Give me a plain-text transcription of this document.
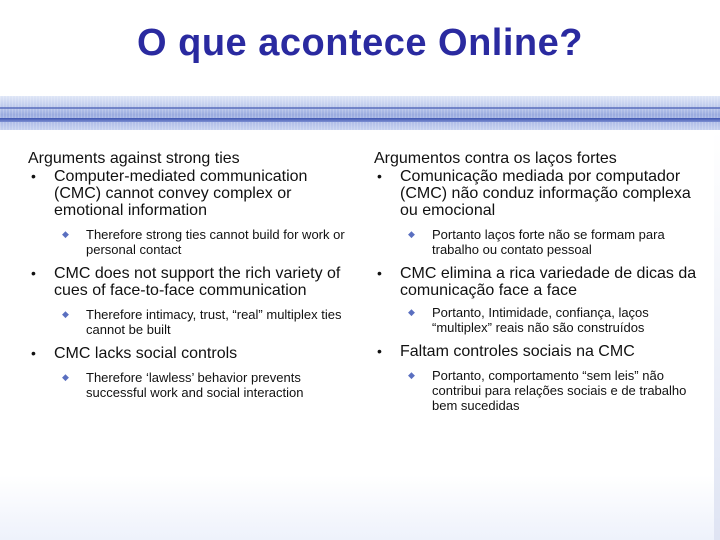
O que acontece Online?
Arguments against strong ties
• Computer-mediated communication (CMC) cannot convey complex or emotional information
◆ Therefore strong ties cannot build for work or personal contact
• CMC does not support the rich variety of cues of face-to-face communication
◆ Therefore intimacy, trust, “real” multiplex ties cannot be built
• CMC lacks social controls
◆ Therefore ‘lawless’ behavior prevents successful work and social interaction
Argumentos contra os laços fortes
• Comunicação mediada por computador (CMC) não conduz informação complexa ou emocional
◆ Portanto laços forte não se formam para trabalho ou contato pessoal
• CMC elimina a rica variedade de dicas da comunicação face a face
◆ Portanto, Intimidade, confiança, laços “multiplex” reais não são construídos
• Faltam controles sociais na CMC
◆ Portanto, comportamento “sem leis” não contribui para relações sociais e de trabalho bem sucedidas
